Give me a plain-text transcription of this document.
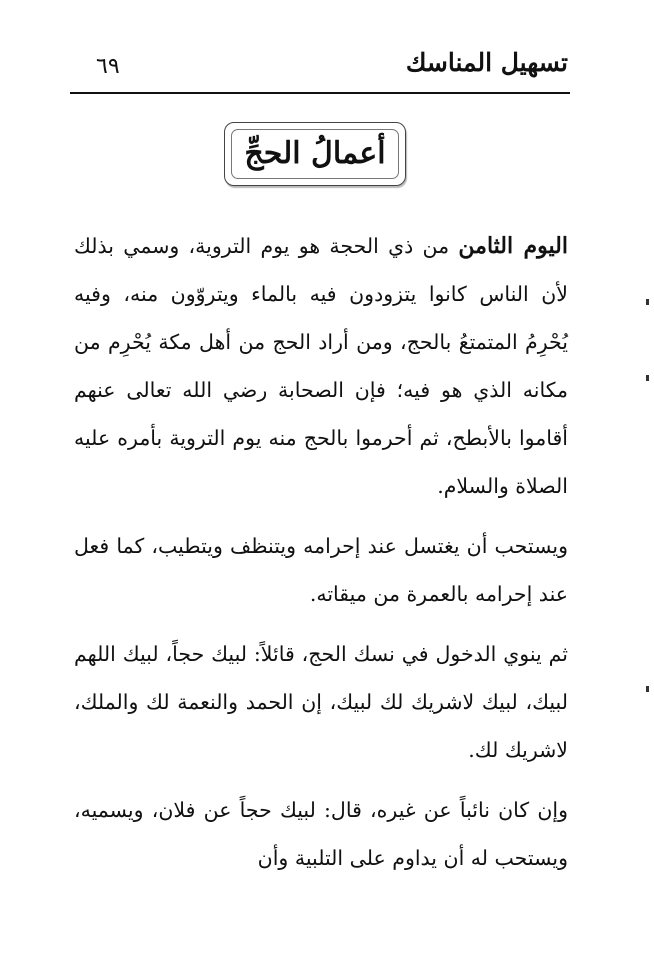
تسهيل المناسك
٦٩
أعمالُ الحجِّ

اليوم الثامن من ذي الحجة هو يوم التروية، وسمي بذلك لأن الناس كانوا يتزودون فيه بالماء ويتروّون منه، وفيه يُحْرِمُ المتمتعُ بالحج، ومن أراد الحج من أهل مكة يُحْرِم من مكانه الذي هو فيه؛ فإن الصحابة رضي الله تعالى عنهم أقاموا بالأبطح، ثم أحرموا بالحج منه يوم التروية بأمره عليه الصلاة والسلام.

ويستحب أن يغتسل عند إحرامه ويتنظف ويتطيب، كما فعل عند إحرامه بالعمرة من ميقاته.

ثم ينوي الدخول في نسك الحج، قائلاً: لبيك حجاً، لبيك اللهم لبيك، لبيك لاشريك لك لبيك، إن الحمد والنعمة لك والملك، لاشريك لك.

وإن كان نائباً عن غيره، قال: لبيك حجاً عن فلان، ويسميه، ويستحب له أن يداوم على التلبية وأن
